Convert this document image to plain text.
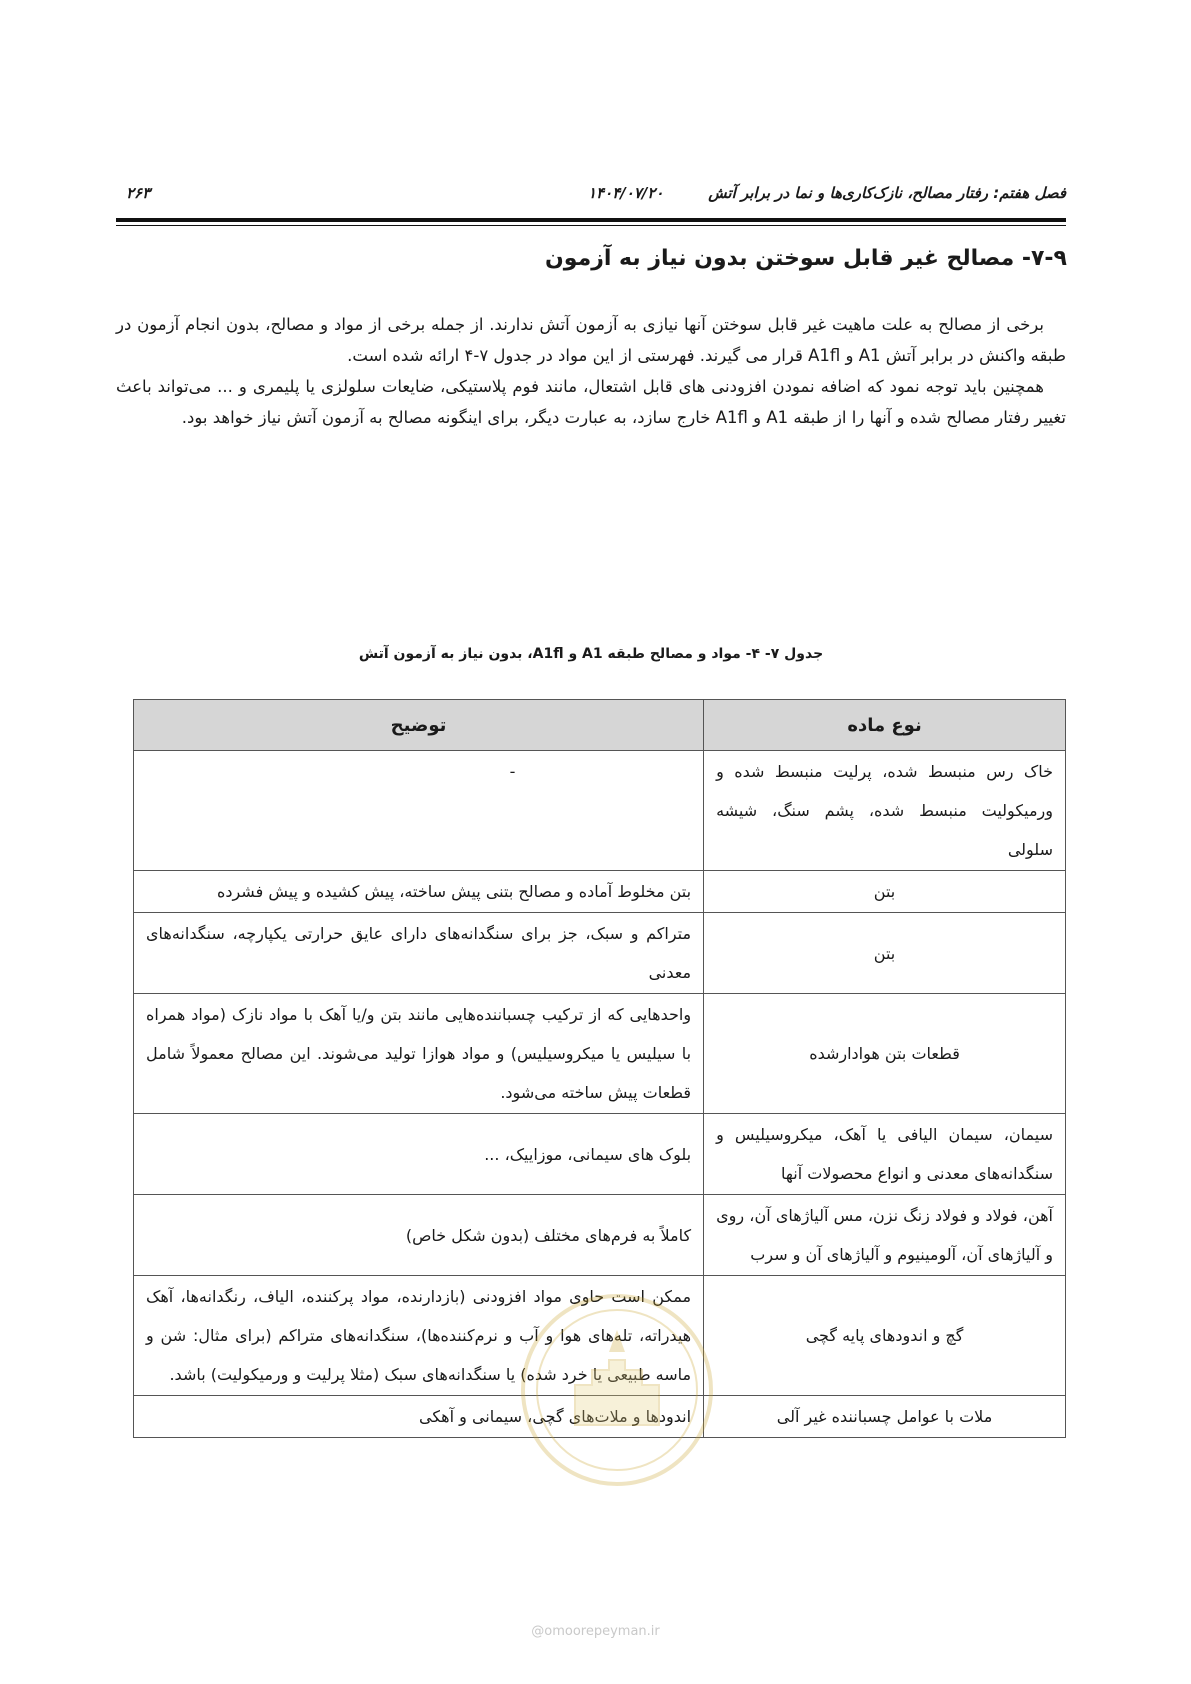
فصل هفتم: رفتار مصالح، نازک‌کاری‌ها و نما در برابر آتش
۱۴۰۴/۰۷/۲۰
۲۶۳
۷-۹- مصالح غیر قابل سوختن بدون نیاز به آزمون

برخی از مصالح به علت ماهیت غیر قابل سوختن آنها نیازی به آزمون آتش ندارند. از جمله برخی از مواد و مصالح، بدون انجام آزمون در طبقه واکنش در برابر آتش A1 و A1fl قرار می گیرند. فهرستی از این مواد در جدول ۷-۴ ارائه شده است.

همچنین باید توجه نمود که اضافه نمودن افزودنی های قابل اشتعال، مانند فوم پلاستیکی، ضایعات سلولزی یا پلیمری و ... می‌تواند باعث تغییر رفتار مصالح شده و آنها را از طبقه A1 و A1fl خارج سازد، به عبارت دیگر، برای اینگونه مصالح به آزمون آتش نیاز خواهد بود.

جدول ۷- ۴- مواد و مصالح طبقه A1 و A1fl، بدون نیاز به آزمون آتش
نوع ماده	توضیح
خاک رس منبسط شده، پرلیت منبسط شده و ورمیکولیت منبسط شده، پشم سنگ، شیشه سلولی	-
بتن	بتن مخلوط آماده و مصالح بتنی پیش ساخته، پیش کشیده و پیش فشرده
بتن	متراکم و سبک، جز برای سنگدانه‌های دارای عایق حرارتی یکپارچه، سنگدانه‌های معدنی
قطعات بتن هوادارشده	واحدهایی که از ترکیب چسباننده‌هایی مانند بتن و/یا آهک با مواد نازک (مواد همراه با سیلیس یا میکروسیلیس) و مواد هوازا تولید می‌شوند. این مصالح معمولاً شامل قطعات پیش ساخته می‌شود.
سیمان، سیمان الیافی یا آهک، میکروسیلیس و سنگدانه‌های معدنی و انواع محصولات آنها	بلوک های سیمانی، موزاییک، ...
آهن، فولاد و فولاد زنگ نزن، مس آلیاژهای آن، روی و آلیاژهای آن، آلومینیوم و آلیاژهای آن و سرب	کاملاً به فرم‌های مختلف (بدون شکل خاص)
گچ و اندودهای پایه گچی	ممکن است حاوی مواد افزودنی (بازدارنده، مواد پرکننده، الیاف، رنگدانه‌ها، آهک هیدراته، تله‌های هوا و آب و نرم‌کننده‌ها)، سنگدانه‌های متراکم (برای مثال: شن و ماسه طبیعی یا خرد شده) یا سنگدانه‌های سبک (مثلا پرلیت و ورمیکولیت) باشد.
ملات با عوامل چسباننده غیر آلی	اندودها و ملات‌های گچی، سیمانی و آهکی
@omoorepeyman.ir
